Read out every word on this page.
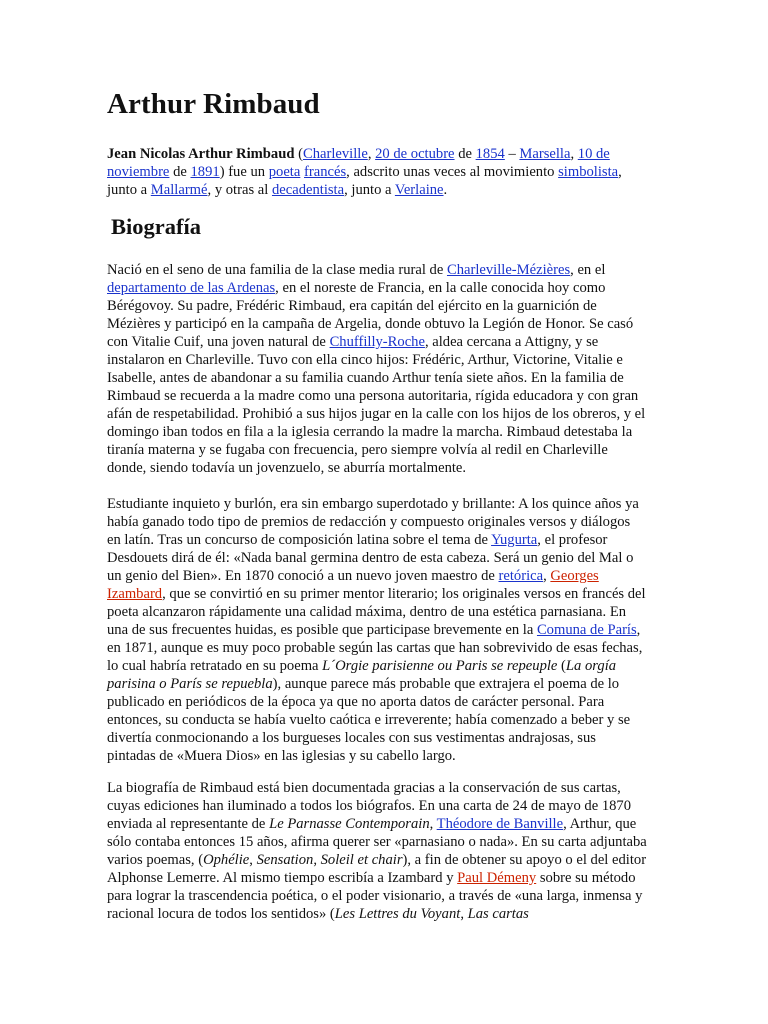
Arthur Rimbaud

Jean Nicolas Arthur Rimbaud (Charleville, 20 de octubre de 1854 – Marsella, 10 de noviembre de 1891) fue un poeta francés, adscrito unas veces al movimiento simbolista, junto a Mallarmé, y otras al decadentista, junto a Verlaine.

Biografía

Nació en el seno de una familia de la clase media rural de Charleville-Mézières, en el departamento de las Ardenas, en el noreste de Francia, en la calle conocida hoy como Bérégovoy. Su padre, Frédéric Rimbaud, era capitán del ejército en la guarnición de Mézières y participó en la campaña de Argelia, donde obtuvo la Legión de Honor. Se casó con Vitalie Cuif, una joven natural de Chuffilly-Roche, aldea cercana a Attigny, y se instalaron en Charleville. Tuvo con ella cinco hijos: Frédéric, Arthur, Victorine, Vitalie e Isabelle, antes de abandonar a su familia cuando Arthur tenía siete años. En la familia de Rimbaud se recuerda a la madre como una persona autoritaria, rígida educadora y con gran afán de respetabilidad. Prohibió a sus hijos jugar en la calle con los hijos de los obreros, y el domingo iban todos en fila a la iglesia cerrando la madre la marcha. Rimbaud detestaba la tiranía materna y se fugaba con frecuencia, pero siempre volvía al redil en Charleville donde, siendo todavía un jovenzuelo, se aburría mortalmente.

Estudiante inquieto y burlón, era sin embargo superdotado y brillante: A los quince años ya había ganado todo tipo de premios de redacción y compuesto originales versos y diálogos en latín. Tras un concurso de composición latina sobre el tema de Yugurta, el profesor Desdouets dirá de él: «Nada banal germina dentro de esta cabeza. Será un genio del Mal o un genio del Bien». En 1870 conoció a un nuevo joven maestro de retórica, Georges Izambard, que se convirtió en su primer mentor literario; los originales versos en francés del poeta alcanzaron rápidamente una calidad máxima, dentro de una estética parnasiana. En una de sus frecuentes huidas, es posible que participase brevemente en la Comuna de París, en 1871, aunque es muy poco probable según las cartas que han sobrevivido de esas fechas, lo cual habría retratado en su poema L´Orgie parisienne ou Paris se repeuple (La orgía parisina o París se repuebla), aunque parece más probable que extrajera el poema de lo publicado en periódicos de la época ya que no aporta datos de carácter personal. Para entonces, su conducta se había vuelto caótica e irreverente; había comenzado a beber y se divertía conmocionando a los burgueses locales con sus vestimentas andrajosas, sus pintadas de «Muera Dios» en las iglesias y su cabello largo.

La biografía de Rimbaud está bien documentada gracias a la conservación de sus cartas, cuyas ediciones han iluminado a todos los biógrafos. En una carta de 24 de mayo de 1870 enviada al representante de Le Parnasse Contemporain, Théodore de Banville, Arthur, que sólo contaba entonces 15 años, afirma querer ser «parnasiano o nada». En su carta adjuntaba varios poemas, (Ophélie, Sensation, Soleil et chair), a fin de obtener su apoyo o el del editor Alphonse Lemerre. Al mismo tiempo escribía a Izambard y Paul Démeny sobre su método para lograr la trascendencia poética, o el poder visionario, a través de «una larga, inmensa y racional locura de todos los sentidos» (Les Lettres du Voyant, Las cartas
